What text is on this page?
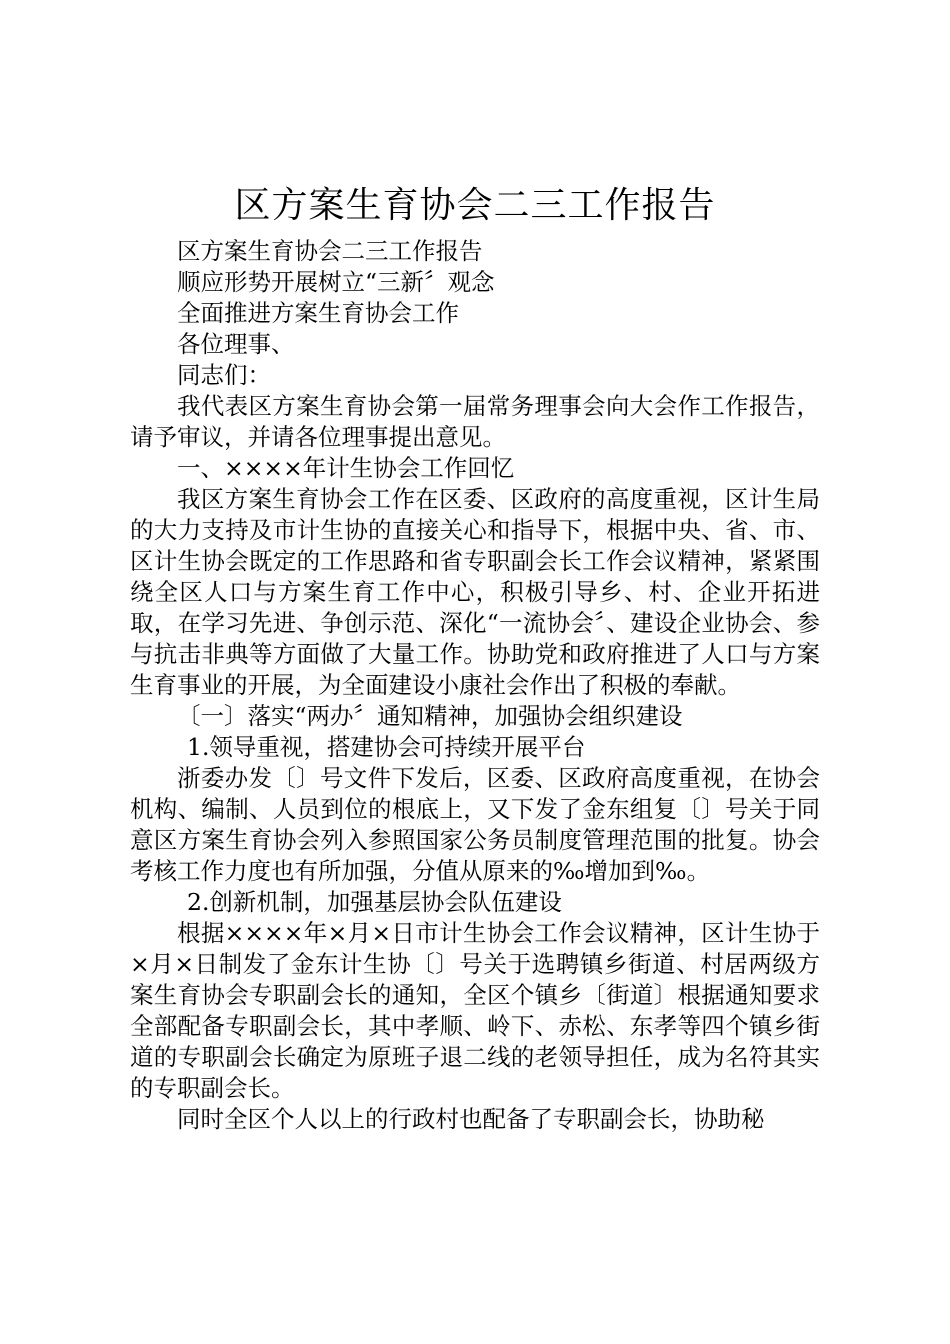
区方案生育协会二三工作报告

区方案生育协会二三工作报告

顺应形势开展树立“三新〞观念

全面推进方案生育协会工作

各位理事、

同志们：

我代表区方案生育协会第一届常务理事会向大会作工作报告，请予审议，并请各位理事提出意见。

一、××××年计生协会工作回忆

我区方案生育协会工作在区委、区政府的高度重视，区计生局的大力支持及市计生协的直接关心和指导下，根据中央、省、市、区计生协会既定的工作思路和省专职副会长工作会议精神，紧紧围绕全区人口与方案生育工作中心，积极引导乡、村、企业开拓进取，在学习先进、争创示范、深化“一流协会〞、建设企业协会、参与抗击非典等方面做了大量工作。协助党和政府推进了人口与方案生育事业的开展，为全面建设小康社会作出了积极的奉献。

〔一〕落实“两办〞通知精神，加强协会组织建设

1.领导重视，搭建协会可持续开展平台

浙委办发〔〕号文件下发后，区委、区政府高度重视，在协会机构、编制、人员到位的根底上，又下发了金东组复〔〕号关于同意区方案生育协会列入参照国家公务员制度管理范围的批复。协会考核工作力度也有所加强，分值从原来的‰增加到‰。

2.创新机制，加强基层协会队伍建设

根据××××年×月×日市计生协会工作会议精神，区计生协于×月×日制发了金东计生协〔〕号关于选聘镇乡街道、村居两级方案生育协会专职副会长的通知，全区个镇乡〔街道〕根据通知要求全部配备专职副会长，其中孝顺、岭下、赤松、东孝等四个镇乡街道的专职副会长确定为原班子退二线的老领导担任，成为名符其实的专职副会长。

同时全区个人以上的行政村也配备了专职副会长，协助秘
